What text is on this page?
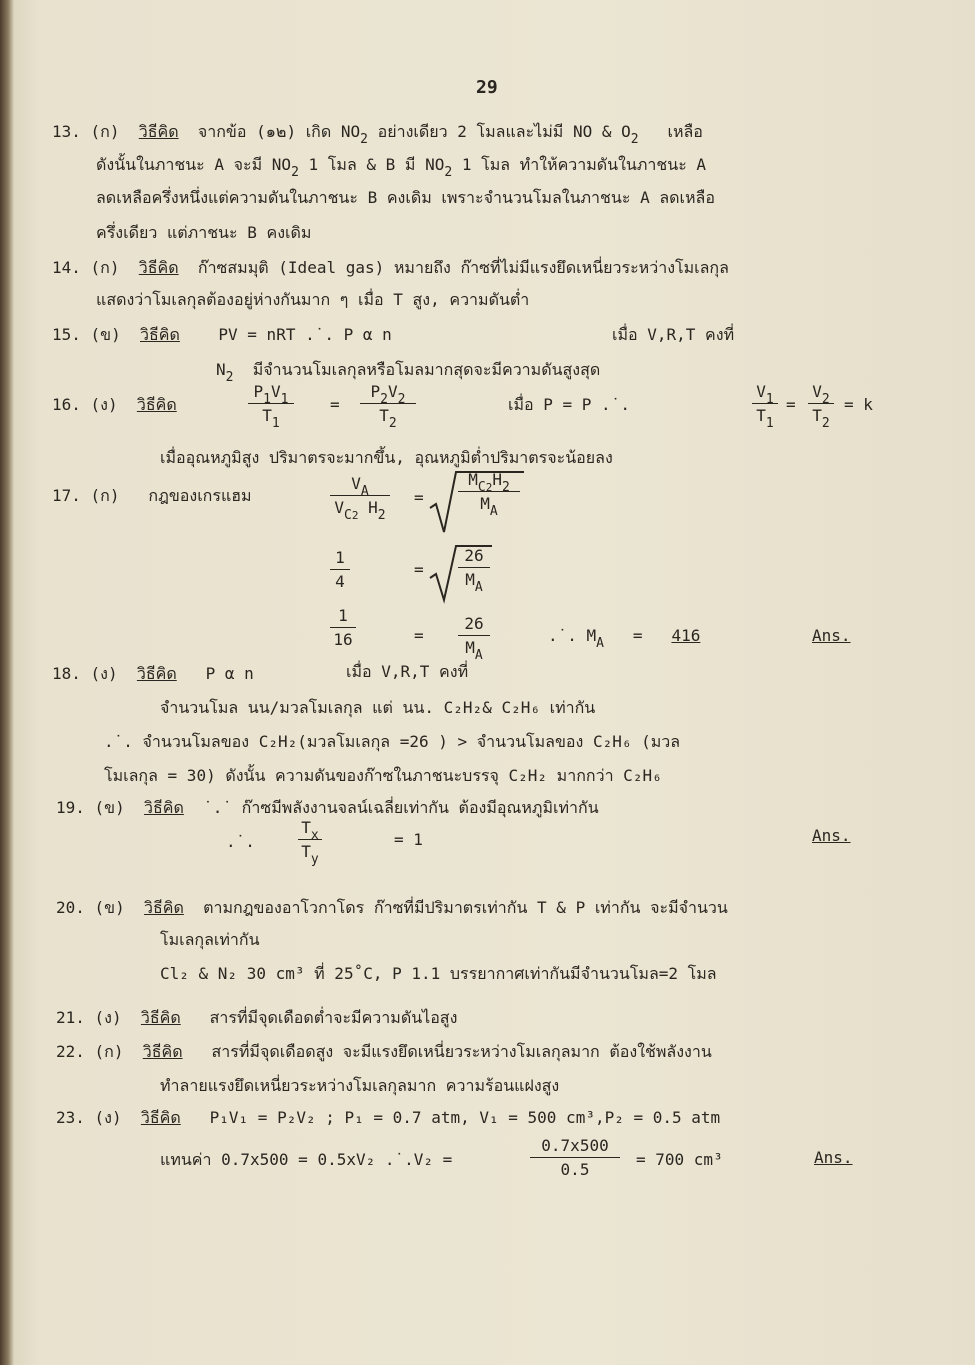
29
13. (ก) วิธีคิด จากข้อ (๑๒) เกิด $NO_2$ อย่างเดียว 2 โมลและไม่มี NO & $O_2$ เหลือ
ดังนั้นในภาชนะ A จะมี $NO_2$ 1 โมล & B มี $NO_2$ 1 โมล ทำให้ความดันในภาชนะ A
ลดเหลือครึ่งหนึ่งแต่ความดันในภาชนะ B คงเดิม เพราะจำนวนโมลในภาชนะ A ลดเหลือ
ครึ่งเดียว แต่ภาชนะ B คงเดิม
14. (ก) วิธีคิด ก๊าซสมมุติ (Ideal gas) หมายถึง ก๊าซที่ไม่มีแรงยึดเหนี่ยวระหว่างโมเลกุล
แสดงว่าโมเลกุลต้องอยู่ห่างกันมาก ๆ เมื่อ T สูง, ความดันต่ำ
15. (ข) วิธีคิด PV = nRT .˙. P α n	เมื่อ V,R,T คงที่
$N_2$ มีจำนวนโมเลกุลหรือโมลมากสุดจะมีความดันสูงสุด
16. (ง) วิธีคิด
$P_1V_1$
$T_1$
=
$P_2V_2$
$T_2$
เมื่อ P = P .˙.
$V_1$
$T_1$
=
$V_2$
$T_2$
= k
เมื่ออุณหภูมิสูง ปริมาตรจะมากขึ้น, อุณหภูมิต่ำปริมาตรจะน้อยลง
17. (ก) กฎของเกรแฮม
$V_A$
$V_{C2}$ $H_2$
=
$M_{C2}H_2$
$M_A$
1
4
=
26
$M_A$
1
16	=
26
$M_A$
.˙. $M_A = 416$	Ans.
18. (ง) วิธีคิด P α n	เมื่อ V,R,T คงที่
จำนวนโมล นน/มวลโมเลกุล แต่ นน. C₂H₂& C₂H₆ เท่ากัน
.˙. จำนวนโมลของ C₂H₂(มวลโมเลกุล =26 ) > จำนวนโมลของ C₂H₆ (มวล
โมเลกุล = 30) ดังนั้น ความดันของก๊าซในภาชนะบรรจุ C₂H₂ มากกว่า C₂H₆
19. (ข) วิธีคิด ˙.˙ ก๊าซมีพลังงานจลน์เฉลี่ยเท่ากัน ต้องมีอุณหภูมิเท่ากัน
.˙.
$T_x$
$T_y$
= 1	Ans.
20. (ข) วิธีคิด ตามกฎของอาโวกาโดร ก๊าซที่มีปริมาตรเท่ากัน T & P เท่ากัน จะมีจำนวน
โมเลกุลเท่ากัน
Cl₂ & N₂ 30 cm³ ที่ 25˚C, P 1.1 บรรยากาศเท่ากันมีจำนวนโมล=2 โมล
21. (ง) วิธีคิด สารที่มีจุดเดือดต่ำจะมีความดันไอสูง
22. (ก) วิธีคิด สารที่มีจุดเดือดสูง จะมีแรงยึดเหนี่ยวระหว่างโมเลกุลมาก ต้องใช้พลังงาน
ทำลายแรงยึดเหนี่ยวระหว่างโมเลกุลมาก ความร้อนแฝงสูง
23. (ง) วิธีคิด P₁V₁ = P₂V₂ ; P₁ = 0.7 atm, V₁ = 500 cm³,P₂ = 0.5 atm
แทนค่า 0.7x500 = 0.5xV₂ .˙.V₂ =
0.7x500
0.5
= 700 cm³	Ans.
